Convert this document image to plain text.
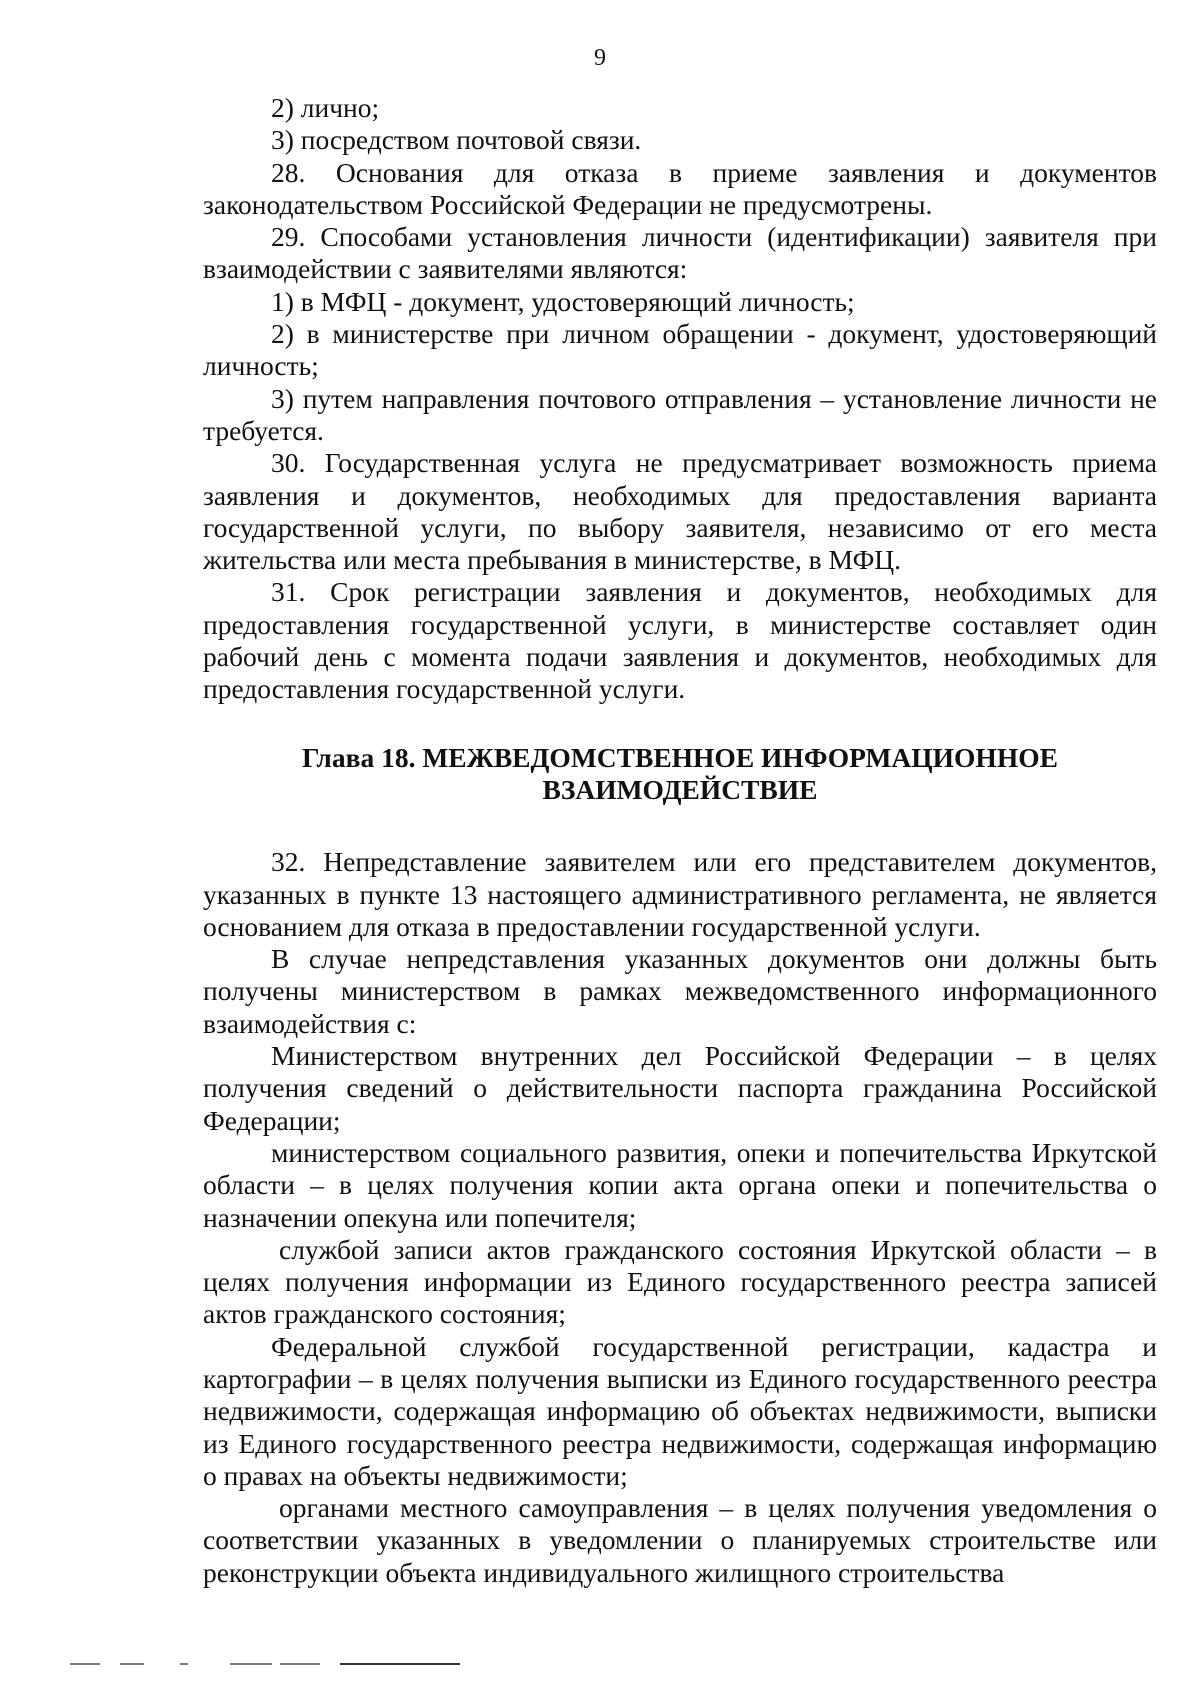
9

2) лично;

3) посредством почтовой связи.

28. Основания для отказа в приеме заявления и документов законодательством Российской Федерации не предусмотрены.

29. Способами установления личности (идентификации) заявителя при взаимодействии с заявителями являются:

1) в МФЦ - документ, удостоверяющий личность;

2) в министерстве при личном обращении - документ, удостоверяющий личность;

3) путем направления почтового отправления – установление личности не требуется.

30. Государственная услуга не предусматривает возможность приема заявления и документов, необходимых для предоставления варианта государственной услуги, по выбору заявителя, независимо от его места жительства или места пребывания в министерстве, в МФЦ.

31. Срок регистрации заявления и документов, необходимых для предоставления государственной услуги, в министерстве составляет один рабочий день с момента подачи заявления и документов, необходимых для предоставления государственной услуги.

Глава 18. МЕЖВЕДОМСТВЕННОЕ ИНФОРМАЦИОННОЕ
ВЗАИМОДЕЙСТВИЕ

32. Непредставление заявителем или его представителем документов, указанных в пункте 13 настоящего административного регламента, не является основанием для отказа в предоставлении государственной услуги.

В случае непредставления указанных документов они должны быть получены министерством в рамках межведомственного информационного взаимодействия с:

Министерством внутренних дел Российской Федерации – в целях получения сведений о действительности паспорта гражданина Российской Федерации;

министерством социального развития, опеки и попечительства Иркутской области – в целях получения копии акта органа опеки и попечительства о назначении опекуна или попечителя;

службой записи актов гражданского состояния Иркутской области – в целях получения информации из Единого государственного реестра записей актов гражданского состояния;

Федеральной службой государственной регистрации, кадастра и картографии – в целях получения выписки из Единого государственного реестра недвижимости, содержащая информацию об объектах недвижимости, выписки из Единого государственного реестра недвижимости, содержащая информацию о правах на объекты недвижимости;

органами местного самоуправления – в целях получения уведомления о соответствии указанных в уведомлении о планируемых строительстве или реконструкции объекта индивидуального жилищного строительства
